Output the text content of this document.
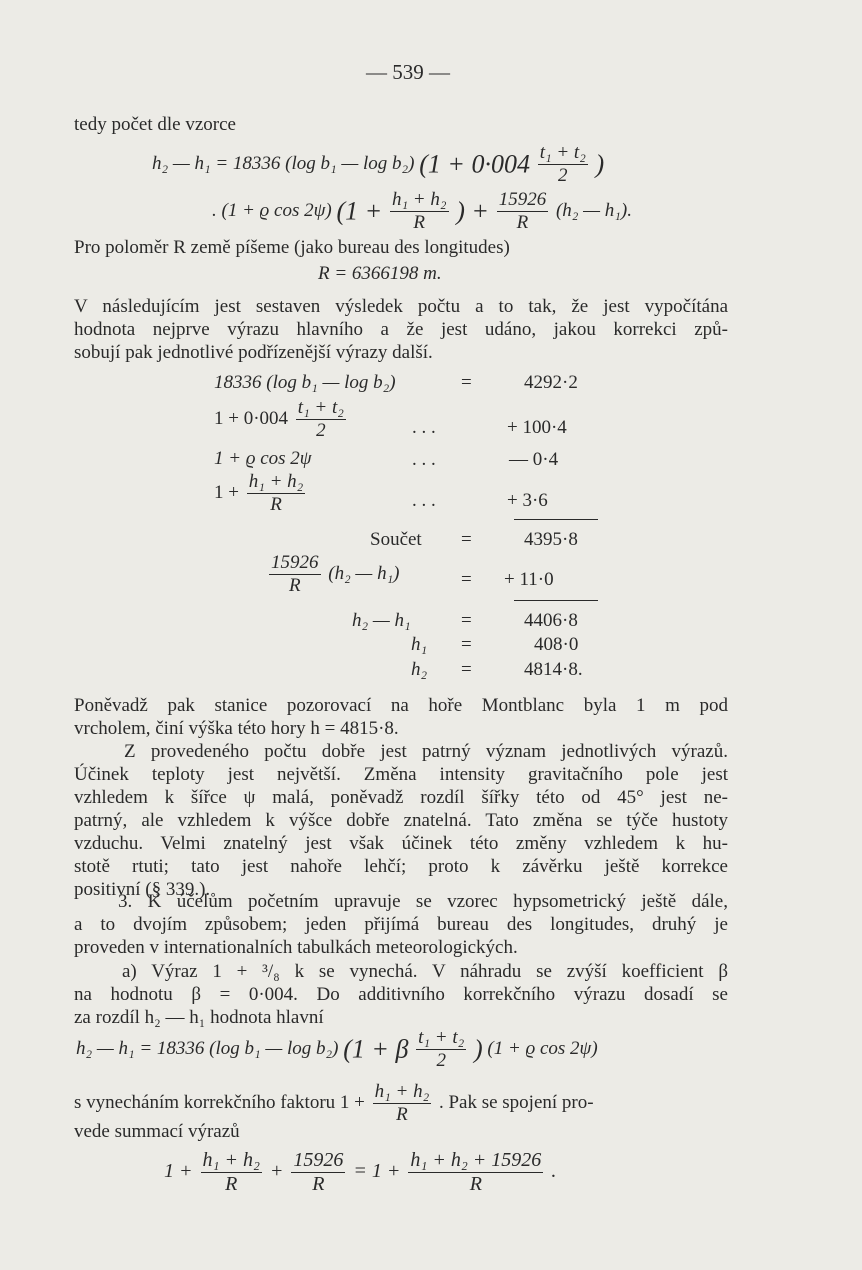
— 539 —
tedy počet dle vzorce
h₂ — h₁ = 18336 (log b₁ — log b₂) ($1 + 0\cdot 004 \frac{\text{t₁ + t₂}}{2}$ )
. (1 + ϱ cos 2ψ) ($1 + \frac{\text{h₁ + h₂}}{R}$ ) + $\frac{15926}{R} (h_2$ — h₁).
Pro poloměr R země píšeme (jako bureau des longitudes)
R = 6366198 m.
V následujícím jest sestaven výsledek počtu a to tak, že jest vypočítána
hodnota nejprve výrazu hlavního a že jest udáno, jakou korrekci způ-
sobují pak jednotlivé podřízenější výrazy další.
18336 (log b₁ — log b₂)	=	4292·2
$1 + 0\cdot 004 \frac{\text{t₁ + t₂}}{2}$	. . .	+ 100·4
1 + ϱ cos 2ψ	. . .	— 0·4
$1 + \frac{\text{h₁ + h₂}}{R}$	. . .	+ 3·6
Součet =	4395·8
$\frac{15926}{R} (h_2$ — h₁)	= + 11·0
h₂ — h₁	=	4406·8
h₁ =	408·0
h₂ =	4814·8.
Poněvadž pak stanice pozorovací na hoře Montblanc byla 1 m pod
vrcholem, činí výška této hory h = 4815·8.
Z provedeného počtu dobře jest patrný význam jednotlivých výrazů.
Účinek teploty jest největší. Změna intensity gravitačního pole jest
vzhledem k šířce ψ malá, poněvadž rozdíl šířky této od 45° jest ne-
patrný, ale vzhledem k výšce dobře znatelná. Tato změna se týče hustoty
vzduchu. Velmi znatelný jest však účinek této změny vzhledem k hu-
stotě rtuti; tato jest nahoře lehčí; proto k závěrku ještě korrekce
positivní (§ 339.).
3. K účelům početním upravuje se vzorec hypsometrický ještě dále,
a to dvojím způsobem; jeden přijímá bureau des longitudes, druhý je
proveden v internationalních tabulkách meteorologických.
a) Výraz 1 + ³/₈ k se vynechá. V náhradu se zvýší koefficient β
na hodnotu β = 0·004. Do additivního korrekčního výrazu dosadí se
za rozdíl h₂ — h₁ hodnota hlavní
h₂ — h₁ = 18336 (log b₁ — log b₂) (1 + β $\frac{\text{t₁ + t₂}}{2}$ ) (1 + ϱ cos 2ψ)
s vynecháním korrekčního faktoru $1 + \frac{\text{h₁ + h₂}}{R}$ . Pak se spojení pro-
vede summací výrazů
$1 + \frac{\text{h₁ + h₂}}{R} + \frac{15926}{R} = 1 + \frac{\text{h₁ + h₂ + 15926}}{R}$ .
